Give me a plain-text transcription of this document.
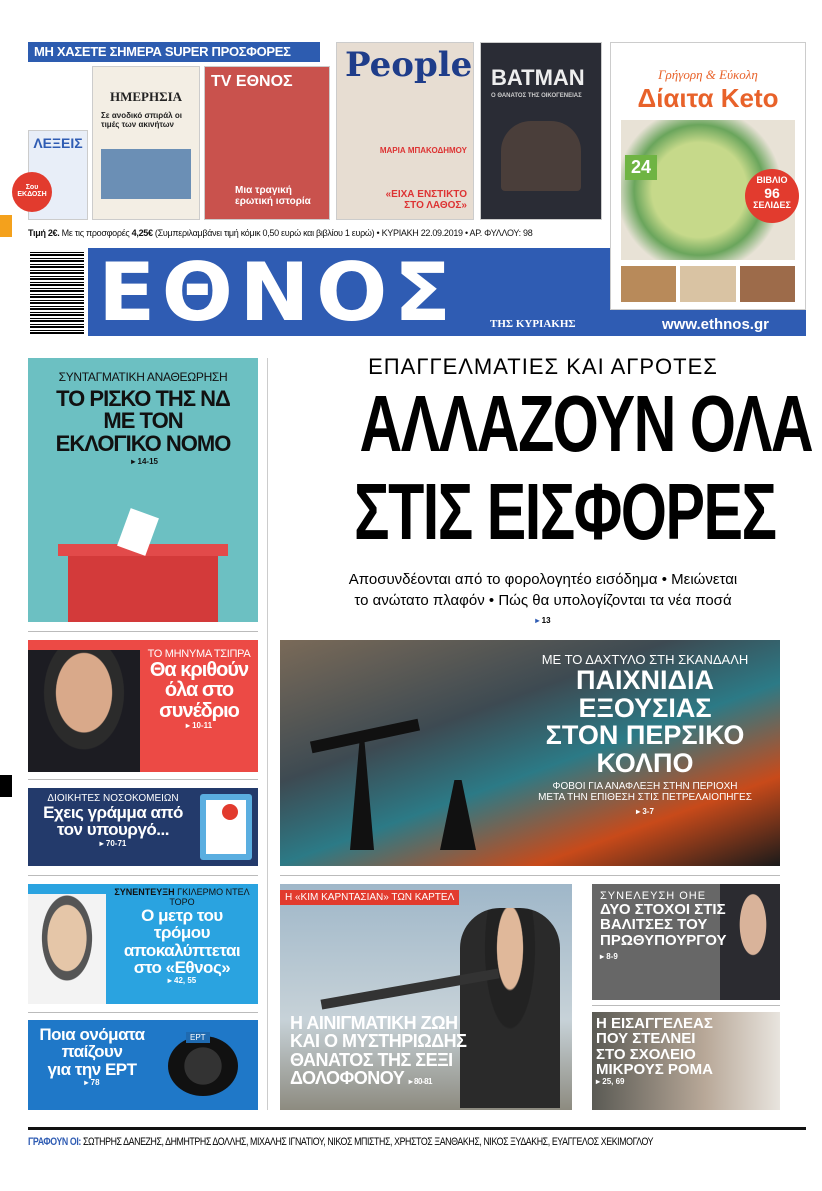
ΜΗ ΧΑΣΕΤΕ ΣΗΜΕΡΑ SUPER ΠΡΟΣΦΟΡΕΣ
ΛΕΞΕΙΣ
Σου ΕΚΔΟΣΗ
ΗΜΕΡΗΣΙΑ
Σε ανοδικό σπιράλ οι τιμές των ακινήτων
TV ΕΘΝΟΣ
Μια τραγική ερωτική ιστορία
People
ΜΑΡΙΑ ΜΠΑΚΟΔΗΜΟΥ
«ΕΙΧΑ ΕΝΣΤΙΚΤΟ ΣΤΟ ΛΑΘΟΣ»
BATMAN
Ο ΘΑΝΑΤΟΣ ΤΗΣ ΟΙΚΟΓΕΝΕΙΑΣ
Τιμή 2€. Με τις προσφορές 4,25€ (Συμπεριλαμβάνει τιμή κόμικ 0,50 ευρώ και βιβλίου 1 ευρώ) • ΚΥΡΙΑΚΗ 22.09.2019 • ΑΡ. ΦΥΛΛΟΥ: 98
ΕΘΝΟΣ	ΤΗΣ ΚΥΡΙΑΚΗΣ
Γρήγορη & Εύκολη
Δίαιτα Keto
24
ΒΙΒΛΙΟ
96
ΣΕΛΙΔΕΣ
www.ethnos.gr
ΕΠΑΓΓΕΛΜΑΤΙΕΣ ΚΑΙ ΑΓΡΟΤΕΣ
ΑΛΛΑΖΟΥΝ ΟΛΑ
ΣΤΙΣ ΕΙΣΦΟΡΕΣ
Αποσυνδέονται από το φορολογητέο εισόδημα • Μειώνεται
το ανώτατο πλαφόν • Πώς θα υπολογίζονται τα νέα ποσά
▸ 13
ΣΥΝΤΑΓΜΑΤΙΚΗ ΑΝΑΘΕΩΡΗΣΗ
ΤΟ ΡΙΣΚΟ ΤΗΣ ΝΔ
ΜΕ ΤΟΝ
ΕΚΛΟΓΙΚΟ ΝΟΜΟ
▸ 14-15
ΤΟ ΜΗΝΥΜΑ ΤΣΙΠΡΑ
Θα κριθούν
όλα στο
συνέδριο
▸ 10-11
ΔΙΟΙΚΗΤΕΣ ΝΟΣΟΚΟΜΕΙΩΝ
Εχεις γράμμα από
τον υπουργό...
▸ 70-71
ΣΥΝΕΝΤΕΥΞΗ ΓΚΙΛΕΡΜΟ ΝΤΕΛ ΤΟΡΟ
Ο μετρ του
τρόμου
αποκαλύπτεται
στο «Εθνος»
▸ 42, 55
Ποια ονόματα
παίζουν
για την ΕΡΤ
▸ 78
ΕΡΤ
ΜΕ ΤΟ ΔΑΧΤΥΛΟ ΣΤΗ ΣΚΑΝΔΑΛΗ
ΠΑΙΧΝΙΔΙΑ
ΕΞΟΥΣΙΑΣ
ΣΤΟΝ ΠΕΡΣΙΚΟ
ΚΟΛΠΟ
ΦΟΒΟΙ ΓΙΑ ΑΝΑΦΛΕΞΗ ΣΤΗΝ ΠΕΡΙΟΧΗ
ΜΕΤΑ ΤΗΝ ΕΠΙΘΕΣΗ ΣΤΙΣ ΠΕΤΡΕΛΑΙΟΠΗΓΕΣ
▸ 3-7
Η «ΚΙΜ ΚΑΡΝΤΑΣΙΑΝ» ΤΩΝ ΚΑΡΤΕΛ
Η ΑΙΝΙΓΜΑΤΙΚΗ ΖΩΗ
ΚΑΙ Ο ΜΥΣΤΗΡΙΩΔΗΣ
ΘΑΝΑΤΟΣ ΤΗΣ ΣΕΞΙ
ΔΟΛΟΦΟΝΟΥ ▸ 80-81
ΣΥΝΕΛΕΥΣΗ ΟΗΕ
ΔΥΟ ΣΤΟΧΟΙ ΣΤΙΣ
ΒΑΛΙΤΣΕΣ ΤΟΥ
ΠΡΩΘΥΠΟΥΡΓΟΥ
▸ 8-9
Η ΕΙΣΑΓΓΕΛΕΑΣ
ΠΟΥ ΣΤΕΛΝΕΙ
ΣΤΟ ΣΧΟΛΕΙΟ
ΜΙΚΡΟΥΣ ΡΟΜΑ
▸ 25, 69
ΓΡΑΦΟΥΝ ΟΙ: ΣΩΤΗΡΗΣ ΔΑΝΕΖΗΣ, ΔΗΜΗΤΡΗΣ ΔΟΛΛΗΣ, ΜΙΧΑΛΗΣ ΙΓΝΑΤΙΟΥ, ΝΙΚΟΣ ΜΠΙΣΤΗΣ, ΧΡΗΣΤΟΣ ΞΑΝΘΑΚΗΣ, ΝΙΚΟΣ ΞΥΔΑΚΗΣ, ΕΥΑΓΓΕΛΟΣ ΧΕΚΙΜΟΓΛΟΥ
